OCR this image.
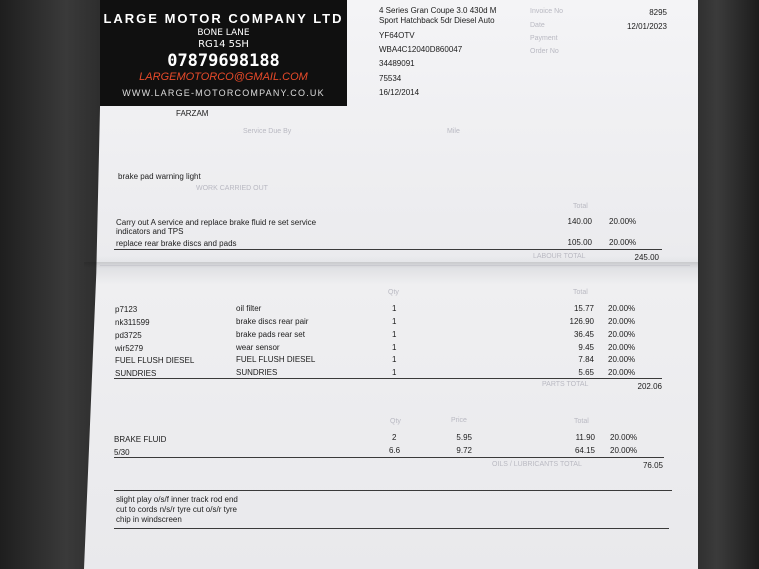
LARGE MOTOR COMPANY LTD
BONE LANE
RG14 5SH
07879698188
LARGEMOTORCO@GMAIL.COM
WWW.LARGE-MOTORCOMPANY.CO.UK
4 Series Gran Coupe 3.0 430d M
Sport Hatchback 5dr Diesel Auto
YF64OTV
WBA4C12040D860047
34489091
75534
16/12/2014
Invoice No	8295
Date	12/01/2023
Payment
Order No
FARZAM
Service Due By	Mile
brake pad warning light
WORK CARRIED OUT
Total
Carry out A service and replace brake fluid re set service
indicators and TPS
140.00 20.00%
replace rear brake discs and pads	105.00 20.00%
LABOUR TOTAL	245.00
Qty	Total
p7123	oil filter	1	15.77 20.00%
nk311599	brake discs rear pair	1	126.90 20.00%
pd3725	brake pads rear set	1	36.45 20.00%
wir5279	wear sensor	1	9.45 20.00%
FUEL FLUSH DIESEL	FUEL FLUSH DIESEL	1	7.84 20.00%
SUNDRIES	SUNDRIES	1	5.65 20.00%
PARTS TOTAL	202.06
Qty	Price	Total
BRAKE FLUID	2	5.95	11.90 20.00%
5/30	6.6	9.72	64.15 20.00%
OILS / LUBRICANTS TOTAL	76.05
slight play o/s/f inner track rod end
cut to cords n/s/r tyre cut o/s/r tyre
chip in windscreen
